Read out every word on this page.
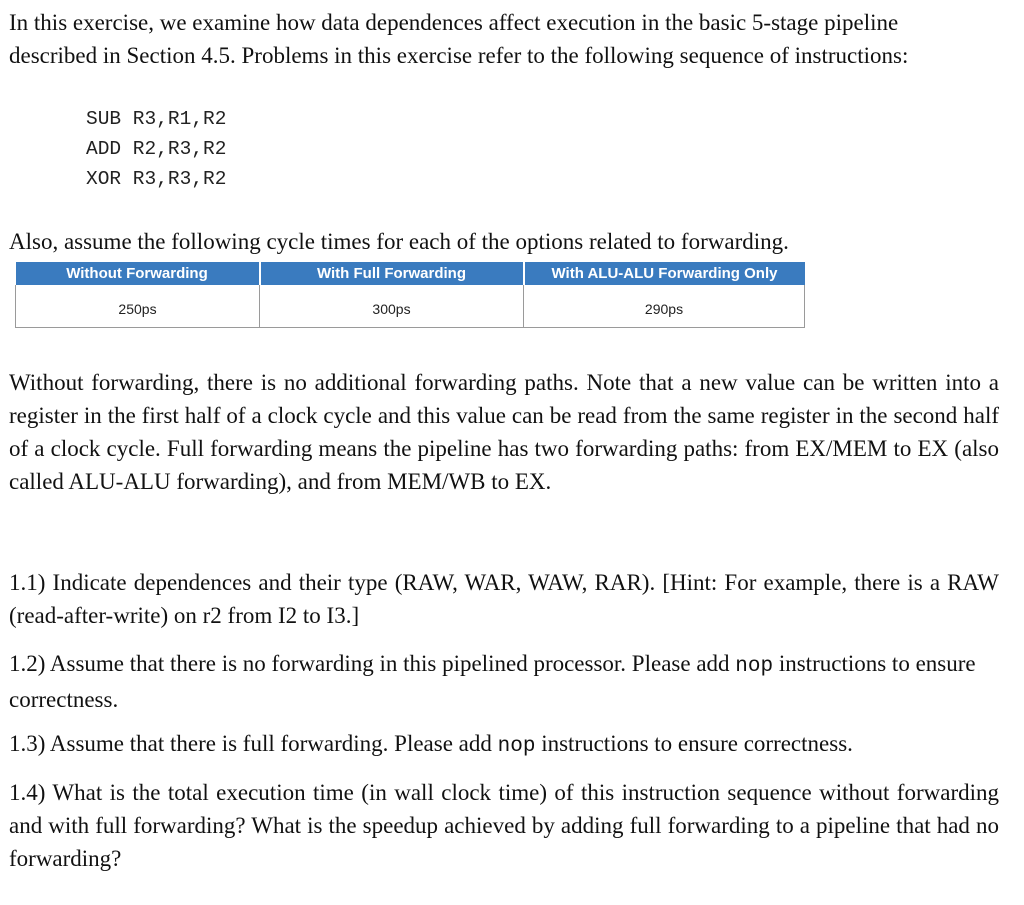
In this exercise, we examine how data dependences affect execution in the basic 5-stage pipeline
described in Section 4.5. Problems in this exercise refer to the following sequence of instructions:
SUB R3,R1,R2
ADD R2,R3,R2
XOR R3,R3,R2
Also, assume the following cycle times for each of the options related to forwarding.
Without Forwarding	With Full Forwarding	With ALU-ALU Forwarding Only

250ps	300ps	290ps

Without forwarding, there is no additional forwarding paths. Note that a new value can be written into a register in the first half of a clock cycle and this value can be read from the same register in the second half of a clock cycle. Full forwarding means the pipeline has two forwarding paths: from EX/MEM to EX (also called ALU-ALU forwarding), and from MEM/WB to EX.

1.1) Indicate dependences and their type (RAW, WAR, WAW, RAR). [Hint: For example, there is a RAW (read-after-write) on r2 from I2 to I3.]

1.2) Assume that there is no forwarding in this pipelined processor. Please add nop instructions to ensure correctness.

1.3) Assume that there is full forwarding. Please add nop instructions to ensure correctness.

1.4) What is the total execution time (in wall clock time) of this instruction sequence without forwarding and with full forwarding? What is the speedup achieved by adding full forwarding to a pipeline that had no forwarding?
